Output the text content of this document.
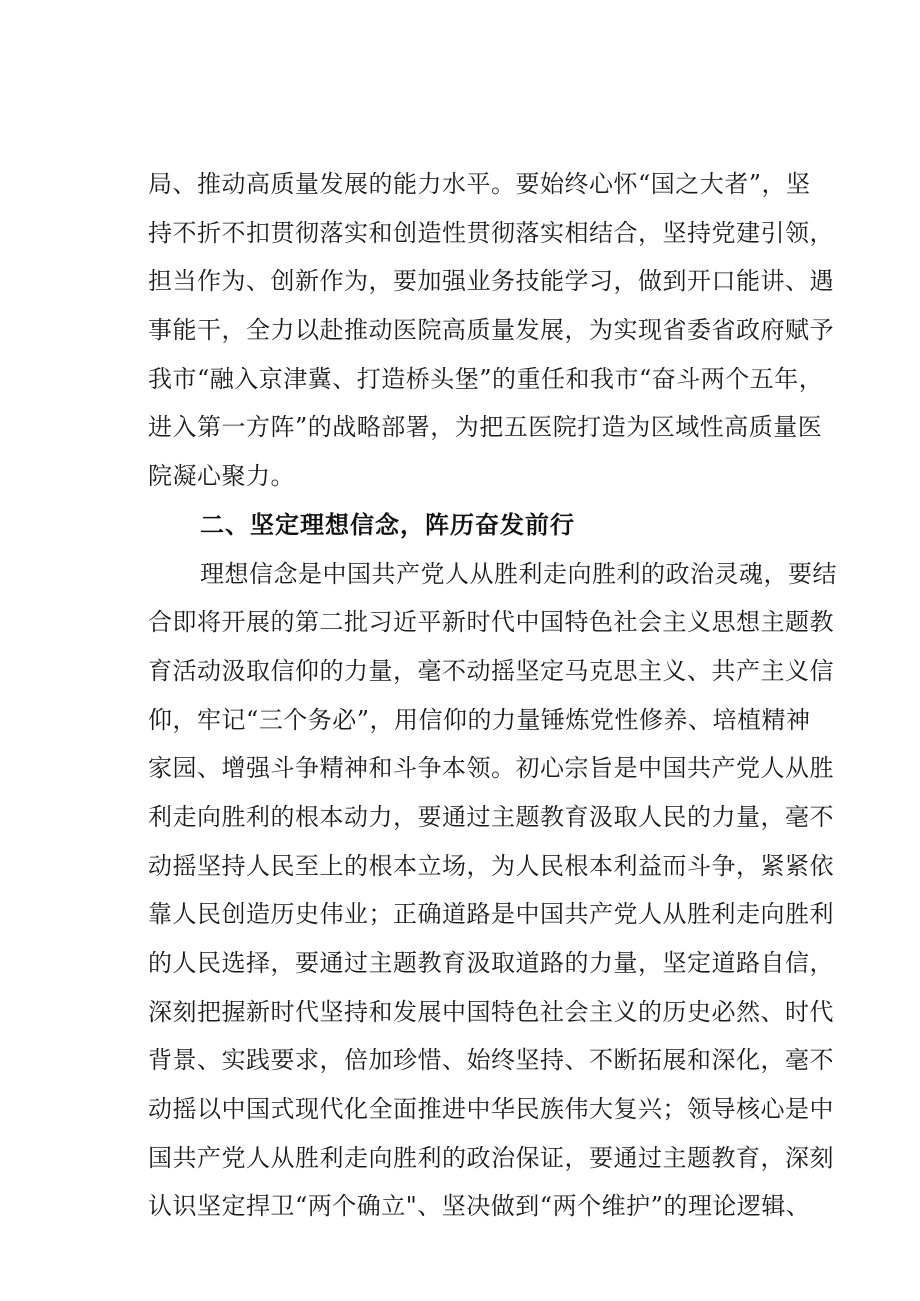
局、推动高质量发展的能力水平。要始终心怀“国之大者”，坚
持不折不扣贯彻落实和创造性贯彻落实相结合，坚持党建引领，
担当作为、创新作为，要加强业务技能学习，做到开口能讲、遇
事能干，全力以赴推动医院高质量发展，为实现省委省政府赋予
我市“融入京津冀、打造桥头堡”的重任和我市“奋斗两个五年，
进入第一方阵”的战略部署，为把五医院打造为区域性高质量医
院凝心聚力。
二、坚定理想信念，阵历奋发前行
理想信念是中国共产党人从胜利走向胜利的政治灵魂，要结
合即将开展的第二批习近平新时代中国特色社会主义思想主题教
育活动汲取信仰的力量，毫不动摇坚定马克思主义、共产主义信
仰，牢记“三个务必”，用信仰的力量锤炼党性修养、培植精神
家园、增强斗争精神和斗争本领。初心宗旨是中国共产党人从胜
利走向胜利的根本动力，要通过主题教育汲取人民的力量，毫不
动摇坚持人民至上的根本立场，为人民根本利益而斗争，紧紧依
靠人民创造历史伟业；正确道路是中国共产党人从胜利走向胜利
的人民选择，要通过主题教育汲取道路的力量，坚定道路自信，
深刻把握新时代坚持和发展中国特色社会主义的历史必然、时代
背景、实践要求，倍加珍惜、始终坚持、不断拓展和深化，毫不
动摇以中国式现代化全面推进中华民族伟大复兴；领导核心是中
国共产党人从胜利走向胜利的政治保证，要通过主题教育，深刻
认识坚定捍卫“两个确立"、坚决做到“两个维护”的理论逻辑、
